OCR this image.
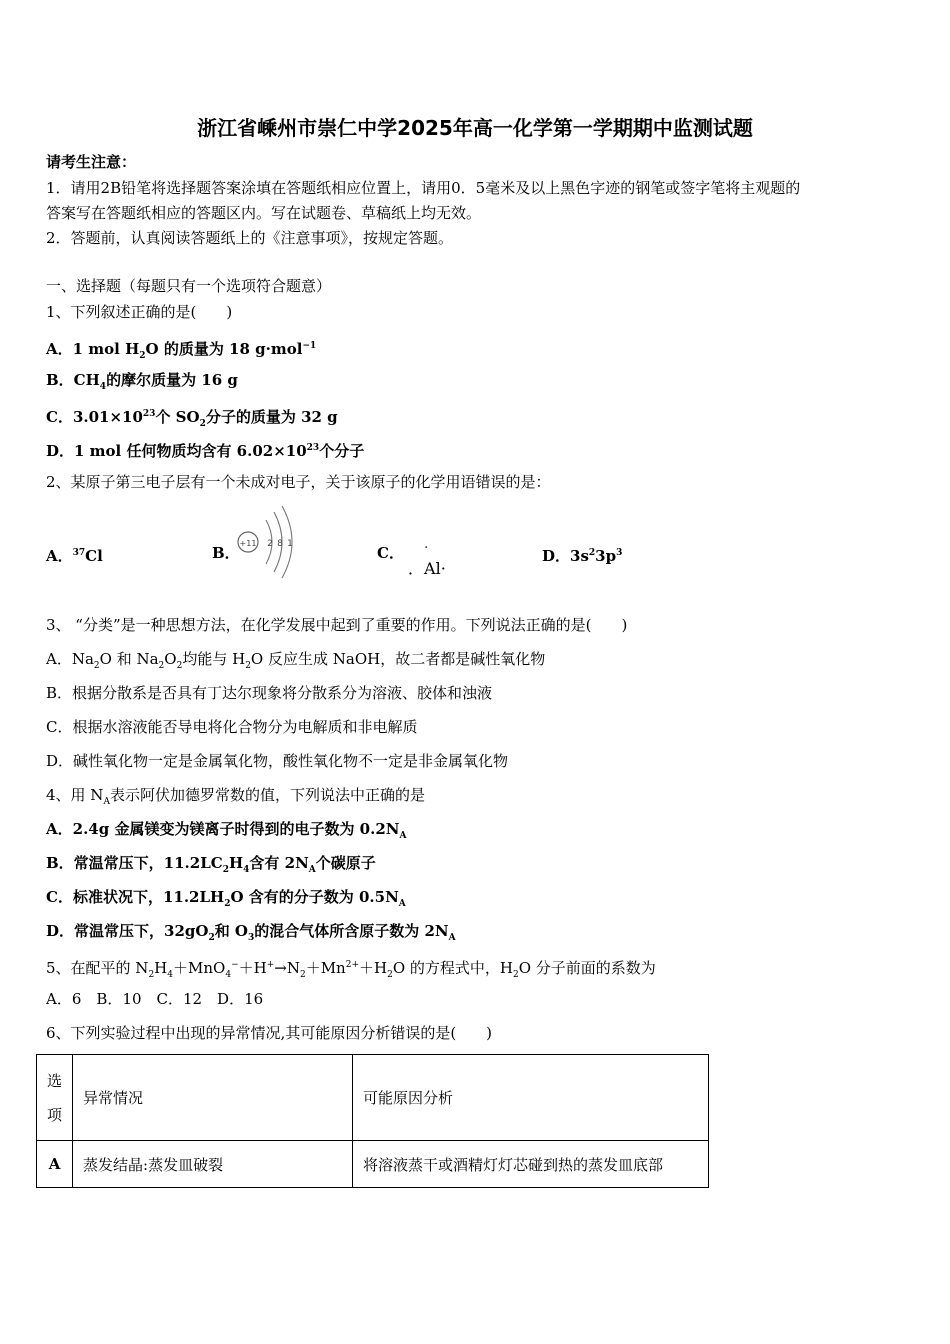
浙江省嵊州市崇仁中学2025年高一化学第一学期期中监测试题
请考生注意：
1．请用2B铅笔将选择题答案涂填在答题纸相应位置上，请用0．5毫米及以上黑色字迹的钢笔或签字笔将主观题的
答案写在答题纸相应的答题区内。写在试题卷、草稿纸上均无效。
2．答题前，认真阅读答题纸上的《注意事项》，按规定答题。
一、选择题（每题只有一个选项符合题意）
1、下列叙述正确的是(　　)
A．1 mol $H_2O$ 的质量为 18 g·mol$^{-1}$
B．$CH_4$的摩尔质量为 16 g
C．$3.01\times 10^{23}$个 $SO_2$分子的质量为 32 g
D．1 mol 任何物质均含有 $6.02\times 10^{23}$个分子
2、某原子第三电子层有一个未成对电子，关于该原子的化学用语错误的是：
A．$^{37}$Cl	B．
+11 2 8 1	C． ·
．Al·
D．$3s^23p^3$
3、 “分类”是一种思想方法，在化学发展中起到了重要的作用。下列说法正确的是(　　)
A．$Na_2O$ 和 $Na_2O_2$均能与 $H_2O$ 反应生成 NaOH，故二者都是碱性氧化物
B．根据分散系是否具有丁达尔现象将分散系分为溶液、胶体和浊液
C．根据水溶液能否导电将化合物分为电解质和非电解质
D．碱性氧化物一定是金属氧化物，酸性氧化物不一定是非金属氧化物
4、用 $N_A$表示阿伏加德罗常数的值，下列说法中正确的是
A．2.4g 金属镁变为镁离子时得到的电子数为 $0.2N_A$
B．常温常压下，$11.2LC_2H_4$含有 $2N_A$个碳原子
C．标准状况下，$11.2LH_2O$ 含有的分子数为 $0.5N_A$
D．常温常压下，$32gO_2$和 $O_3$的混合气体所含原子数为 $2N_A$
5、在配平的 $N_2H_4+MnO_4^-+H^+\to N_2+Mn^{2+}+H_2O$ 的方程式中，$H_2O$ 分子前面的系数为
A．6　B．10　C．12　D．16
6、下列实验过程中出现的异常情况,其可能原因分析错误的是(　　)
选
项	异常情况	可能原因分析
A	蒸发结晶:蒸发皿破裂	将溶液蒸干或酒精灯灯芯碰到热的蒸发皿底部
